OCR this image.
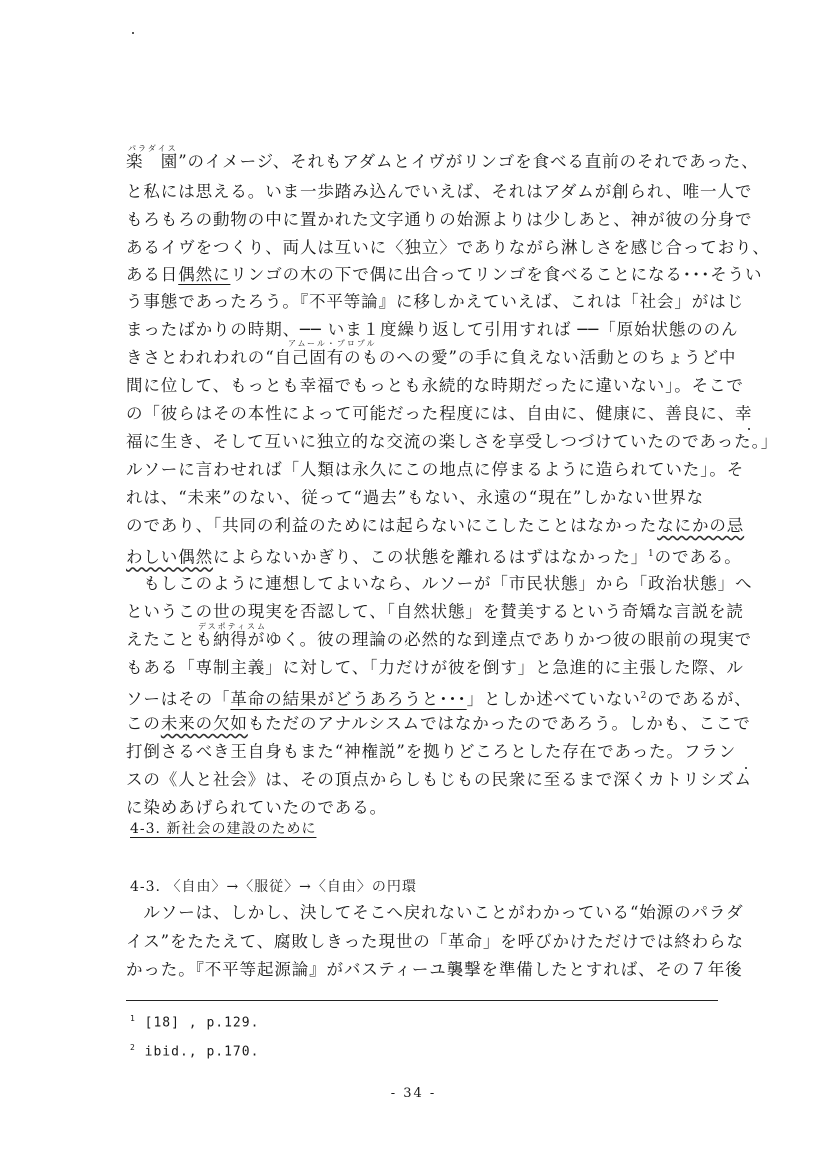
パラダイス
アムール・プロプル
デスポティスム
楽　園”のイメージ、それもアダムとイヴがリンゴを食べる直前のそれであった、
と私には思える。いま一歩踏み込んでいえば、それはアダムが創られ、唯一人で
もろもろの動物の中に置かれた文字通りの始源よりは少しあと、神が彼の分身で
あるイヴをつくり、両人は互いに〈独立〉でありながら淋しさを感じ合っており、
ある日偶然にリンゴの木の下で偶に出合ってリンゴを食べることになる･･･そうい
う事態であったろう。『不平等論』に移しかえていえば、これは「社会」がはじ
まったばかりの時期、── いま１度繰り返して引用すれば ──「原始状態ののん
きさとわれわれの“自己固有のものへの愛”の手に負えない活動とのちょうど中
間に位して、もっとも幸福でもっとも永続的な時期だったに違いない」。そこで
の「彼らはその本性によって可能だった程度には、自由に、健康に、善良に、幸
福に生き、そして互いに独立的な交流の楽しさを享受しつづけていたのであった。」
ルソーに言わせれば「人類は永久にこの地点に停まるように造られていた」。そ
れは、“未来”のない、従って“過去”もない、永遠の“現在”しかない世界な
のであり、「共同の利益のためには起らないにこしたことはなかったなにかの忌
わしい偶然によらないかぎり、この状態を離れるはずはなかった」$^1$のである。
　もしこのように連想してよいなら、ルソーが「市民状態」から「政治状態」へ
というこの世の現実を否認して、「自然状態」を賛美するという奇矯な言説を読
えたことも納得がゆく。彼の理論の必然的な到達点でありかつ彼の眼前の現実で
もある「専制主義」に対して、「力だけが彼を倒す」と急進的に主張した際、ル
ソーはその「革命の結果がどうあろうと･･･」としか述べていない$^2$のであるが、
この未来の欠如もただのアナルシスムではなかったのであろう。しかも、ここで
打倒さるべき王自身もまた“神権説”を拠りどころとした存在であった。フラン
スの《人と社会》は、その頂点からしもじもの民衆に至るまで深くカトリシズム
に染めあげられていたのである。
4-3. 新社会の建設のために
4-3. 〈自由〉→〈服従〉→〈自由〉の円環
　ルソーは、しかし、決してそこへ戻れないことがわかっている“始源のパラダ
イス”をたたえて、腐敗しきった現世の「革命」を呼びかけただけでは終わらな
かった。『不平等起源論』がバスティーユ襲撃を準備したとすれば、その７年後
$^1$ [18] , p.129.
$^2$ ibid., p.170.
- 34 -
